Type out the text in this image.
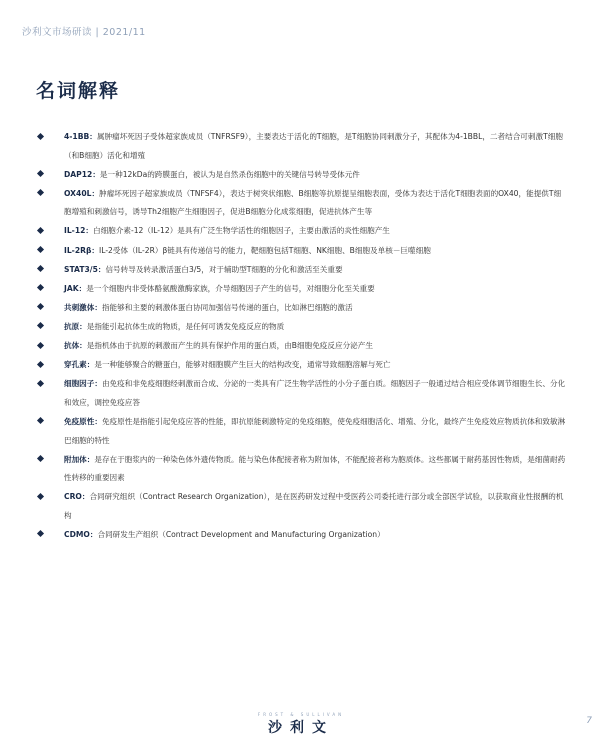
沙利文市场研读 | 2021/11
名词解释
4-1BB：属肿瘤坏死因子受体超家族成员（TNFRSF9），主要表达于活化的T细胞，是T细胞协同刺激分子，其配体为4-1BBL，二者结合可刺激T细胞（和B细胞）活化和增殖
DAP12：是一种12kDa的跨膜蛋白，被认为是自然杀伤细胞中的关键信号转导受体元件
OX40L：肿瘤坏死因子超家族成员（TNFSF4），表达于树突状细胞、B细胞等抗原提呈细胞表面，受体为表达于活化T细胞表面的OX40，能提供T细胞增殖和刺激信号，诱导Th2细胞产生细胞因子，促进B细胞分化成浆细胞，促进抗体产生等
IL-12：白细胞介素-12（IL-12）是具有广泛生物学活性的细胞因子，主要由激活的炎性细胞产生
IL-2Rβ：IL-2受体（IL-2R）β链具有传递信号的能力，靶细胞包括T细胞、NK细胞、B细胞及单核－巨噬细胞
STAT3/5：信号转导及转录激活蛋白3/5，对于辅助型T细胞的分化和激活至关重要
JAK：是一个细胞内非受体酪氨酸激酶家族，介导细胞因子产生的信号，对细胞分化至关重要
共刺激体：指能够和主要的刺激体蛋白协同加强信号传递的蛋白，比如淋巴细胞的激活
抗原：是指能引起抗体生成的物质，是任何可诱发免疫反应的物质
抗体：是指机体由于抗原的刺激而产生的具有保护作用的蛋白质，由B细胞免疫反应分泌产生
穿孔素：是一种能够聚合的糖蛋白，能够对细胞膜产生巨大的结构改变，通常导致细胞溶解与死亡
细胞因子：由免疫和非免疫细胞经刺激而合成、分泌的一类具有广泛生物学活性的小分子蛋白质。细胞因子一般通过结合相应受体调节细胞生长、分化和效应，调控免疫应答
免疫原性：免疫原性是指能引起免疫应答的性能，即抗原能刺激特定的免疫细胞，使免疫细胞活化、增殖、分化，最终产生免疫效应物质抗体和致敏淋巴细胞的特性
附加体：是存在于胞浆内的一种染色体外遗传物质。能与染色体配接者称为附加体，不能配接者称为胞质体。这些都属于耐药基因性物质，是细菌耐药性转移的重要因素
CRO：合同研究组织（Contract Research Organization），是在医药研发过程中受医药公司委托进行部分或全部医学试验，以获取商业性报酬的机构
CDMO：合同研发生产组织（Contract Development and Manufacturing Organization）
FROST & SULLIVAN
沙利文	7
